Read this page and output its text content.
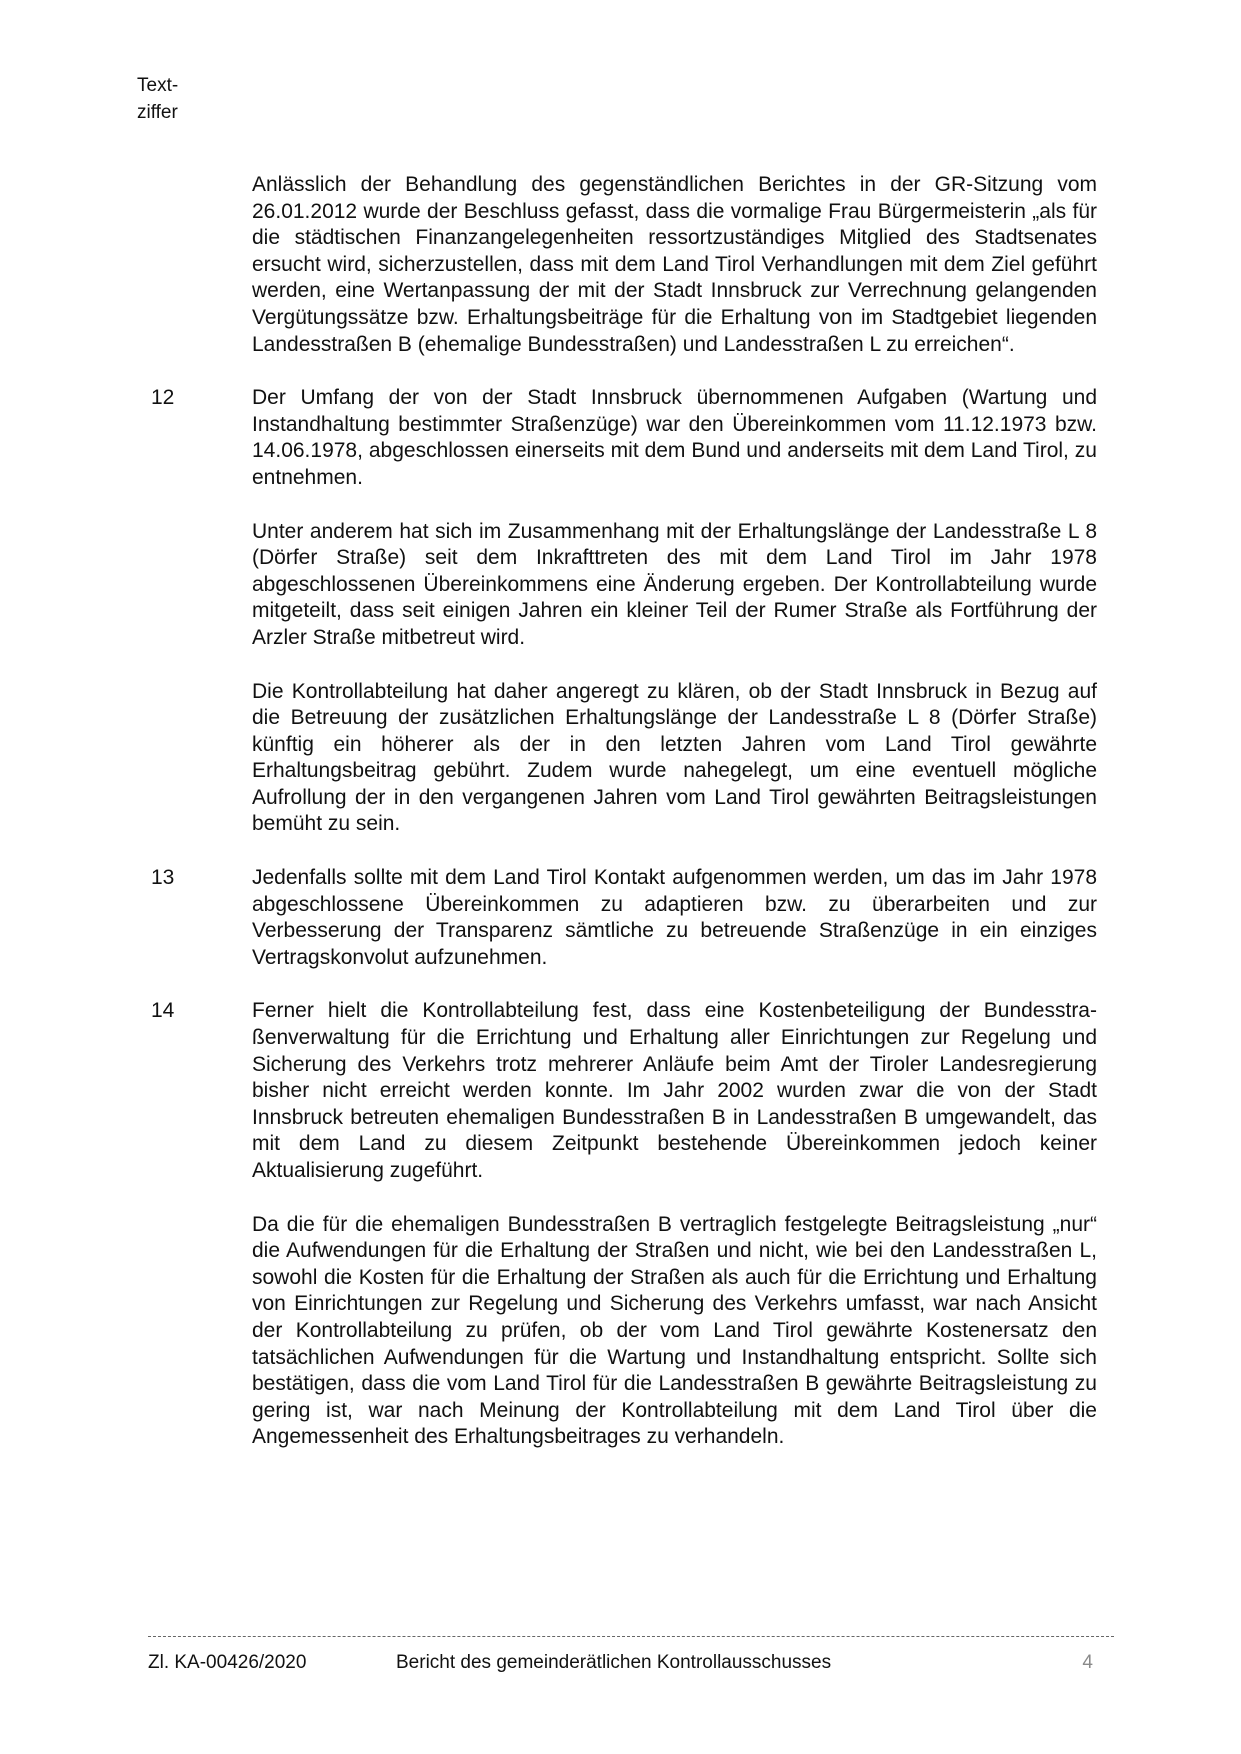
Text-
ziffer

Anlässlich der Behandlung des gegenständlichen Berichtes in der GR-Sitzung vom 26.01.2012 wurde der Beschluss gefasst, dass die vormalige Frau Bürgermeisterin „als für die städtischen Finanzangelegenheiten ressortzuständiges Mitglied des Stadtsenates ersucht wird, sicherzustellen, dass mit dem Land Tirol Verhandlungen mit dem Ziel geführt werden, eine Wertanpassung der mit der Stadt Innsbruck zur Verrechnung gelangenden Vergütungssätze bzw. Erhaltungsbeiträge für die Erhaltung von im Stadtgebiet liegenden Landesstraßen B (ehemalige Bundesstraßen) und Landesstraßen L zu erreichen“.

12	Der Umfang der von der Stadt Innsbruck übernommenen Aufgaben (Wartung und Instandhaltung bestimmter Straßenzüge) war den Übereinkommen vom 11.12.1973 bzw. 14.06.1978, abgeschlossen einerseits mit dem Bund und anderseits mit dem Land Tirol, zu entnehmen.

Unter anderem hat sich im Zusammenhang mit der Erhaltungslänge der Landesstraße L 8 (Dörfer Straße) seit dem Inkrafttreten des mit dem Land Tirol im Jahr 1978 abgeschlossenen Übereinkommens eine Änderung ergeben. Der Kontrollabteilung wurde mitgeteilt, dass seit einigen Jahren ein kleiner Teil der Rumer Straße als Fortführung der Arzler Straße mitbetreut wird.

Die Kontrollabteilung hat daher angeregt zu klären, ob der Stadt Innsbruck in Bezug auf die Betreuung der zusätzlichen Erhaltungslänge der Landesstraße L 8 (Dörfer Straße) künftig ein höherer als der in den letzten Jahren vom Land Tirol gewährte Erhaltungsbeitrag gebührt. Zudem wurde nahegelegt, um eine eventuell mögliche Aufrollung der in den vergangenen Jahren vom Land Tirol gewährten Beitragsleistungen bemüht zu sein.

13	Jedenfalls sollte mit dem Land Tirol Kontakt aufgenommen werden, um das im Jahr 1978 abgeschlossene Übereinkommen zu adaptieren bzw. zu überarbeiten und zur Verbesserung der Transparenz sämtliche zu betreuende Straßenzüge in ein einziges Vertragskonvolut aufzunehmen.

14	Ferner hielt die Kontrollabteilung fest, dass eine Kostenbeteiligung der Bundesstraßenverwaltung für die Errichtung und Erhaltung aller Einrichtungen zur Regelung und Sicherung des Verkehrs trotz mehrerer Anläufe beim Amt der Tiroler Landesregierung bisher nicht erreicht werden konnte. Im Jahr 2002 wurden zwar die von der Stadt Innsbruck betreuten ehemaligen Bundesstraßen B in Landesstraßen B umgewandelt, das mit dem Land zu diesem Zeitpunkt bestehende Übereinkommen jedoch keiner Aktualisierung zugeführt.

Da die für die ehemaligen Bundesstraßen B vertraglich festgelegte Beitragsleistung „nur“ die Aufwendungen für die Erhaltung der Straßen und nicht, wie bei den Landesstraßen L, sowohl die Kosten für die Erhaltung der Straßen als auch für die Errichtung und Erhaltung von Einrichtungen zur Regelung und Sicherung des Verkehrs umfasst, war nach Ansicht der Kontrollabteilung zu prüfen, ob der vom Land Tirol gewährte Kostenersatz den tatsächlichen Aufwendungen für die Wartung und Instandhaltung entspricht. Sollte sich bestätigen, dass die vom Land Tirol für die Landesstraßen B gewährte Beitragsleistung zu gering ist, war nach Meinung der Kontrollabteilung mit dem Land Tirol über die Angemessenheit des Erhaltungsbeitrages zu verhandeln.

Zl. KA-00426/2020	Bericht des gemeinderätlichen Kontrollausschusses	4
